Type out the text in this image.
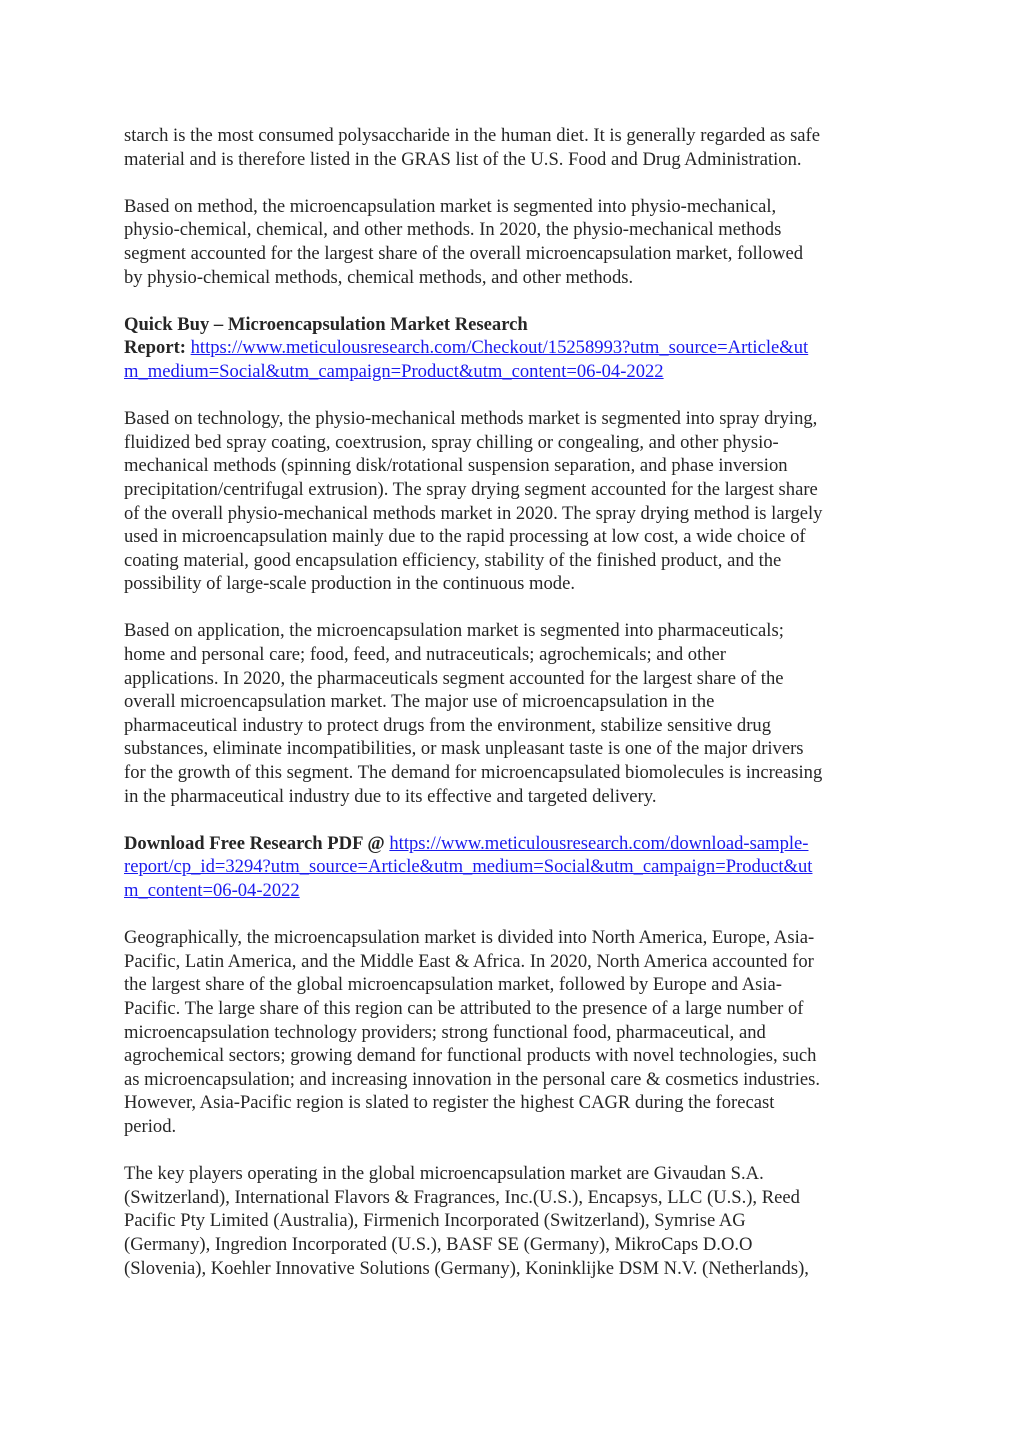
starch is the most consumed polysaccharide in the human diet. It is generally regarded as safe
material and is therefore listed in the GRAS list of the U.S. Food and Drug Administration.

Based on method, the microencapsulation market is segmented into physio-mechanical,
physio-chemical, chemical, and other methods. In 2020, the physio-mechanical methods
segment accounted for the largest share of the overall microencapsulation market, followed
by physio-chemical methods, chemical methods, and other methods.

Quick Buy – Microencapsulation Market Research
Report: https://www.meticulousresearch.com/Checkout/15258993?utm_source=Article&ut
m_medium=Social&utm_campaign=Product&utm_content=06-04-2022

Based on technology, the physio-mechanical methods market is segmented into spray drying,
fluidized bed spray coating, coextrusion, spray chilling or congealing, and other physio-
mechanical methods (spinning disk/rotational suspension separation, and phase inversion
precipitation/centrifugal extrusion). The spray drying segment accounted for the largest share
of the overall physio-mechanical methods market in 2020. The spray drying method is largely
used in microencapsulation mainly due to the rapid processing at low cost, a wide choice of
coating material, good encapsulation efficiency, stability of the finished product, and the
possibility of large-scale production in the continuous mode.

Based on application, the microencapsulation market is segmented into pharmaceuticals;
home and personal care; food, feed, and nutraceuticals; agrochemicals; and other
applications. In 2020, the pharmaceuticals segment accounted for the largest share of the
overall microencapsulation market. The major use of microencapsulation in the
pharmaceutical industry to protect drugs from the environment, stabilize sensitive drug
substances, eliminate incompatibilities, or mask unpleasant taste is one of the major drivers
for the growth of this segment. The demand for microencapsulated biomolecules is increasing
in the pharmaceutical industry due to its effective and targeted delivery.

Download Free Research PDF @ https://www.meticulousresearch.com/download-sample-
report/cp_id=3294?utm_source=Article&utm_medium=Social&utm_campaign=Product&ut
m_content=06-04-2022

Geographically, the microencapsulation market is divided into North America, Europe, Asia-
Pacific, Latin America, and the Middle East & Africa. In 2020, North America accounted for
the largest share of the global microencapsulation market, followed by Europe and Asia-
Pacific. The large share of this region can be attributed to the presence of a large number of
microencapsulation technology providers; strong functional food, pharmaceutical, and
agrochemical sectors; growing demand for functional products with novel technologies, such
as microencapsulation; and increasing innovation in the personal care & cosmetics industries.
However, Asia-Pacific region is slated to register the highest CAGR during the forecast
period.

The key players operating in the global microencapsulation market are Givaudan S.A.
(Switzerland), International Flavors & Fragrances, Inc.(U.S.), Encapsys, LLC (U.S.), Reed
Pacific Pty Limited (Australia), Firmenich Incorporated (Switzerland), Symrise AG
(Germany), Ingredion Incorporated (U.S.), BASF SE (Germany), MikroCaps D.O.O
(Slovenia), Koehler Innovative Solutions (Germany), Koninklijke DSM N.V. (Netherlands),
